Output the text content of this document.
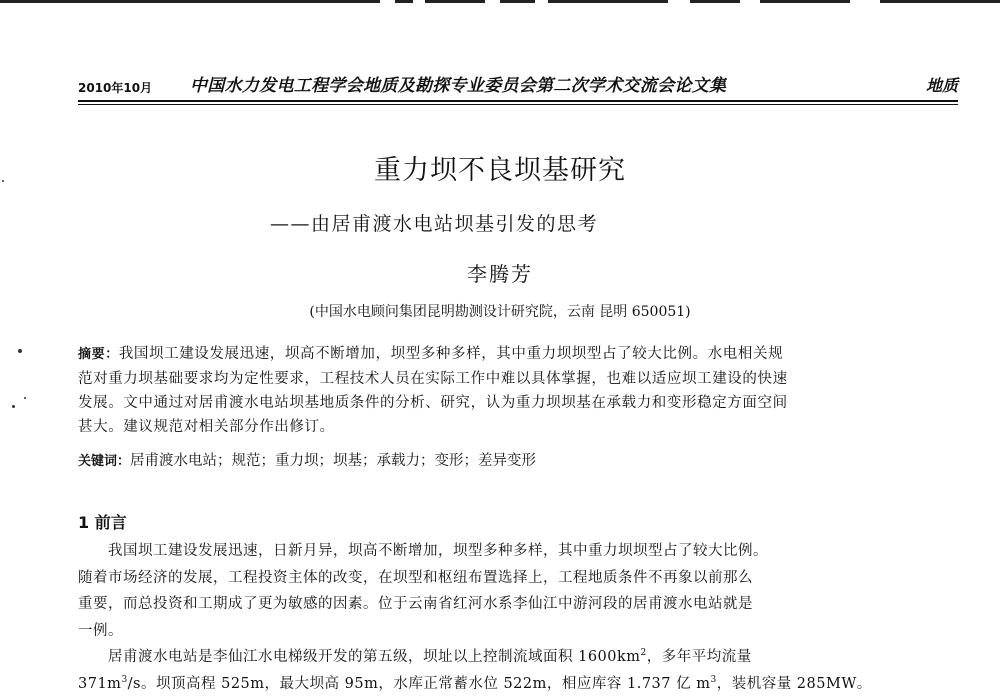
2010年10月	中国水力发电工程学会地质及勘探专业委员会第二次学术交流会论文集	地质
重力坝不良坝基研究
——由居甫渡水电站坝基引发的思考
李腾芳
(中国水电顾问集团昆明勘测设计研究院，云南 昆明 650051)
摘要：我国坝工建设发展迅速，坝高不断增加，坝型多种多样，其中重力坝坝型占了较大比例。水电相关规
范对重力坝基础要求均为定性要求，工程技术人员在实际工作中难以具体掌握，也难以适应坝工建设的快速
发展。文中通过对居甫渡水电站坝基地质条件的分析、研究，认为重力坝坝基在承载力和变形稳定方面空间
甚大。建议规范对相关部分作出修订。
关键词：居甫渡水电站；规范；重力坝；坝基；承载力；变形；差异变形
1 前言
我国坝工建设发展迅速，日新月异，坝高不断增加，坝型多种多样，其中重力坝坝型占了较大比例。
随着市场经济的发展，工程投资主体的改变，在坝型和枢纽布置选择上，工程地质条件不再象以前那么
重要，而总投资和工期成了更为敏感的因素。位于云南省红河水系李仙江中游河段的居甫渡水电站就是
一例。
居甫渡水电站是李仙江水电梯级开发的第五级，坝址以上控制流域面积 $1600km^2$，多年平均流量
$371m^3/s$。坝顶高程 525m，最大坝高 95m，水库正常蓄水位 522m，相应库容 1.737 亿 $m^3$，装机容量 285MW。
